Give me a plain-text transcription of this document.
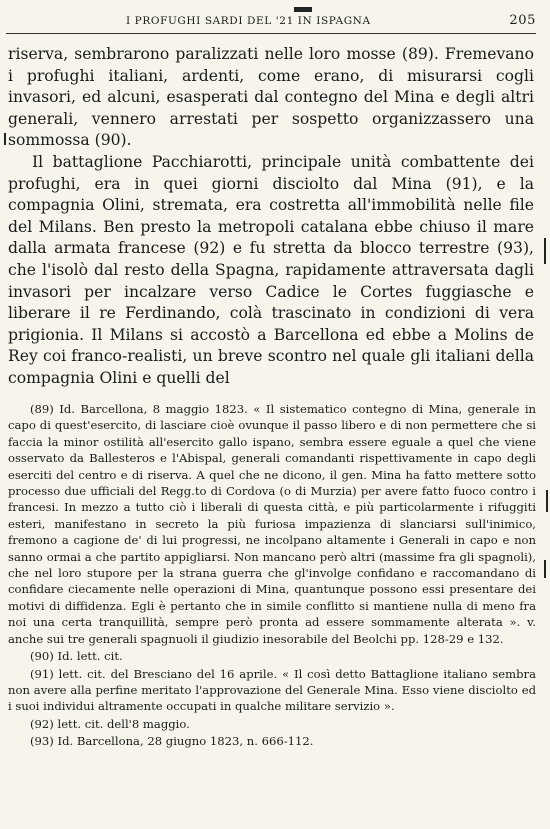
I PROFUGHI SARDI DEL '21 IN ISPAGNA	205

riserva, sembrarono paralizzati nelle loro mosse (89). Fremevano i profughi italiani, ardenti, come erano, di misurarsi cogli invasori, ed alcuni, esasperati dal contegno del Mina e degli altri generali, vennero arrestati per sospetto organizzassero una sommossa (90).

Il battaglione Pacchiarotti, principale unità combattente dei profughi, era in quei giorni disciolto dal Mina (91), e la compagnia Olini, stremata, era costretta all'immobilità nelle file del Milans. Ben presto la metropoli catalana ebbe chiuso il mare dalla armata francese (92) e fu stretta da blocco terrestre (93), che l'isolò dal resto della Spagna, rapidamente attraversata dagli invasori per incalzare verso Cadice le Cortes fuggiasche e liberare il re Ferdinando, colà trascinato in condizioni di vera prigionia. Il Milans si accostò a Barcellona ed ebbe a Molins de Rey coi franco-realisti, un breve scontro nel quale gli italiani della compagnia Olini e quelli del

(89) Id. Barcellona, 8 maggio 1823. « Il sistematico contegno di Mina, generale in capo di quest'esercito, di lasciare cioè ovunque il passo libero e di non permettere che si faccia la minor ostilità all'esercito gallo ispano, sembra essere eguale a quel che viene osservato da Ballesteros e l'Abispal, generali comandanti rispettivamente in capo degli eserciti del centro e di riserva. A quel che ne dicono, il gen. Mina ha fatto mettere sotto processo due ufficiali del Regg.to di Cordova (o di Murzia) per avere fatto fuoco contro i francesi. In mezzo a tutto ciò i liberali di questa città, e più particolarmente i rifuggiti esteri, manifestano in secreto la più furiosa impazienza di slanciarsi sull'inimico, fremono a cagione de' di lui progressi, ne incolpano altamente i Generali in capo e non sanno ormai a che partito appigliarsi. Non mancano però altri (massime fra gli spagnoli), che nel loro stupore per la strana guerra che gl'involge confidano e raccomandano di confidare ciecamente nelle operazioni di Mina, quantunque possono essi presentare dei motivi di diffidenza. Egli è pertanto che in simile conflitto si mantiene nulla di meno fra noi una certa tranquillità, sempre però pronta ad essere sommamente alterata ». v. anche sui tre generali spagnuoli il giudizio inesorabile del Beolchi pp. 128-29 e 132.

(90) Id. lett. cit.

(91) lett. cit. del Bresciano del 16 aprile. « Il così detto Battaglione italiano sembra non avere alla perfine meritato l'approvazione del Generale Mina. Esso viene disciolto ed i suoi individui altramente occupati in qualche militare servizio ».

(92) lett. cit. dell'8 maggio.

(93) Id. Barcellona, 28 giugno 1823, n. 666-112.
